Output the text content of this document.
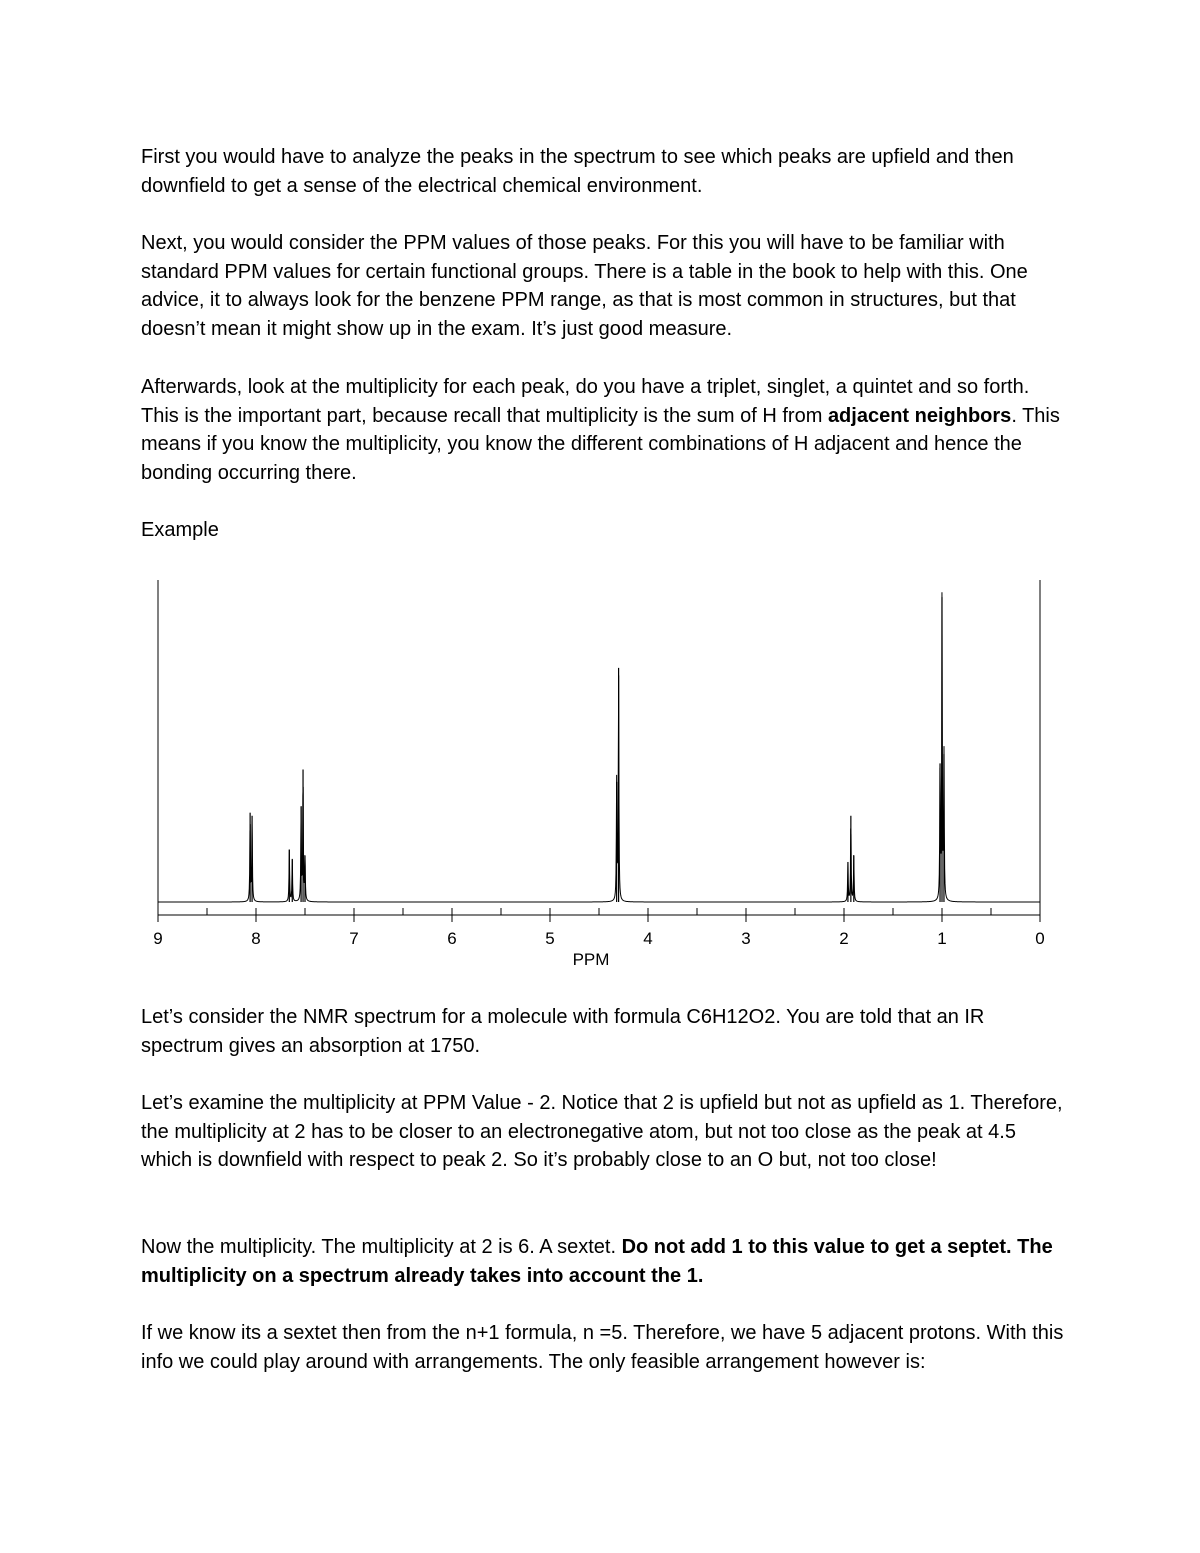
First you would have to analyze the peaks in the spectrum to see which peaks are upfield and then downfield to get a sense of the electrical chemical environment.

Next, you would consider the PPM values of those peaks. For this you will have to be familiar with standard PPM values for certain functional groups. There is a table in the book to help with this. One advice, it to always look for the benzene PPM range, as that is most common in structures, but that doesn’t mean it might show up in the exam. It’s just good measure.

Afterwards, look at the multiplicity for each peak, do you have a triplet, singlet, a quintet and so forth. This is the important part, because recall that multiplicity is the sum of H from adjacent neighbors. This means if you know the multiplicity, you know the different combinations of H adjacent and hence the bonding occurring there.

Example

9	8	7	6	5	4	3	2	1	0
PPM

Let’s consider the NMR spectrum for a molecule with formula C6H12O2. You are told that an IR spectrum gives an absorption at 1750.

Let’s examine the multiplicity at PPM Value - 2. Notice that 2 is upfield but not as upfield as 1. Therefore, the multiplicity at 2 has to be closer to an electronegative atom, but not too close as the peak at 4.5 which is downfield with respect to peak 2. So it’s probably close to an O but, not too close!

Now the multiplicity. The multiplicity at 2 is 6. A sextet. Do not add 1 to this value to get a septet. The multiplicity on a spectrum already takes into account the 1.

If we know its a sextet then from the n+1 formula, n =5. Therefore, we have 5 adjacent protons. With this info we could play around with arrangements. The only feasible arrangement however is:
